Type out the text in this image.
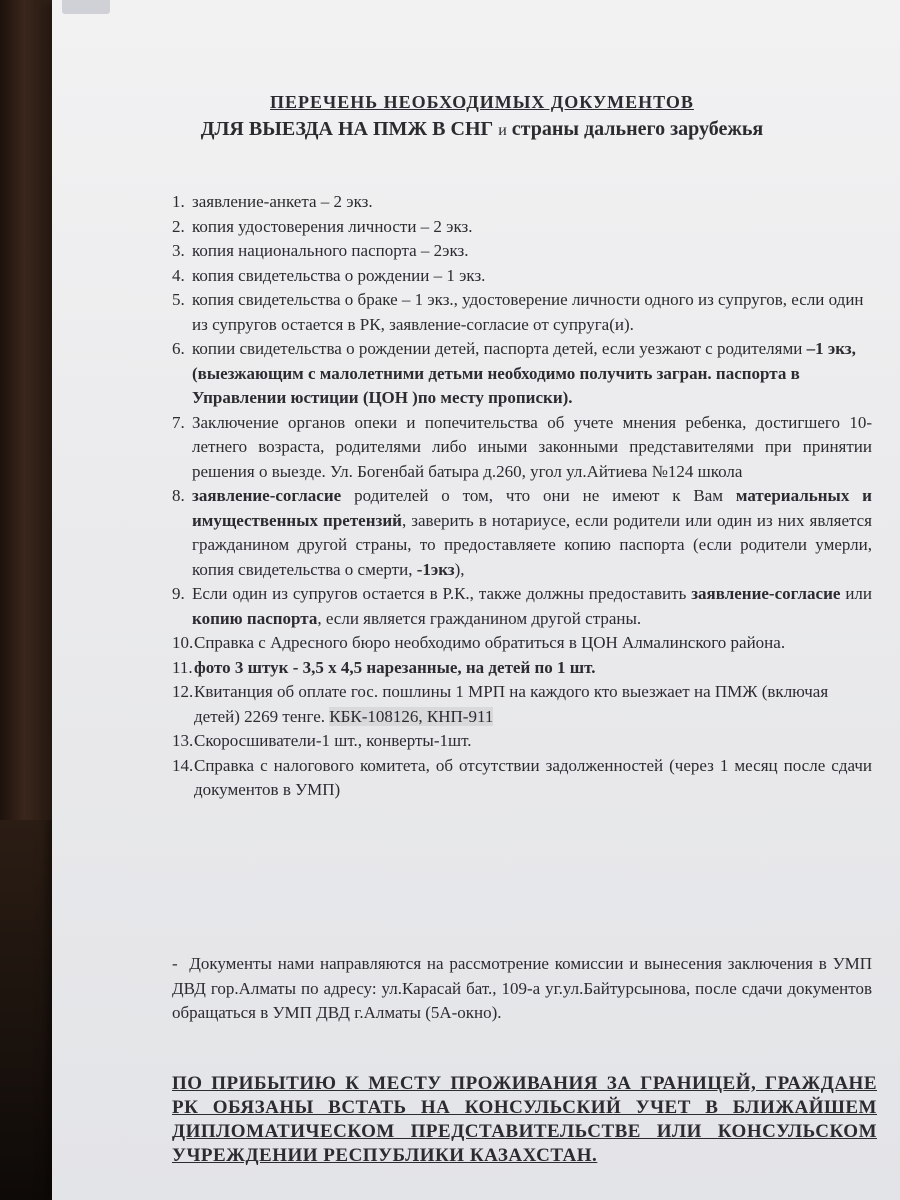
ПЕРЕЧЕНЬ НЕОБХОДИМЫХ ДОКУМЕНТОВ
ДЛЯ ВЫЕЗДА НА ПМЖ В СНГ и страны дальнего зарубежья
1. заявление-анкета – 2 экз.
2. копия удостоверения личности – 2 экз.
3. копия национального паспорта – 2экз.
4. копия свидетельства о рождении – 1 экз.
5. копия свидетельства о браке – 1 экз., удостоверение личности одного из супругов, если один из супругов остается в РК, заявление-согласие от супруга(и).
6. копии свидетельства о рождении детей, паспорта детей, если уезжают с родителями –1 экз, (выезжающим с малолетними детьми необходимо получить загран. паспорта в Управлении юстиции (ЦОН )по месту прописки).
7. Заключение органов опеки и попечительства об учете мнения ребенка, достигшего 10-летнего возраста, родителями либо иными законными представителями при принятии решения о выезде. Ул. Богенбай батыра д.260, угол ул.Айтиева №124 школа
8. заявление-согласие родителей о том, что они не имеют к Вам материальных и имущественных претензий, заверить в нотариусе, если родители или один из них является гражданином другой страны, то предоставляете копию паспорта (если родители умерли, копия свидетельства о смерти, -1экз),
9. Если один из супругов остается в Р.К., также должны предоставить заявление-согласие или копию паспорта, если является гражданином другой страны.
10. Справка с Адресного бюро необходимо обратиться в ЦОН Алмалинского района.
11. фото 3 штук - 3,5 х 4,5 нарезанные, на детей по 1 шт.
12. Квитанция об оплате гос. пошлины 1 МРП на каждого кто выезжает на ПМЖ (включая детей) 2269 тенге. КБК-108126, КНП-911
13. Скоросшиватели-1 шт., конверты-1шт.
14. Справка с налогового комитета, об отсутствии задолженностей (через 1 месяц после сдачи документов в УМП)
- Документы нами направляются на рассмотрение комиссии и вынесения заключения в УМП ДВД гор.Алматы по адресу: ул.Карасай бат., 109-а уг.ул.Байтурсынова, после сдачи документов обращаться в УМП ДВД г.Алматы (5А-окно).
ПО ПРИБЫТИЮ К МЕСТУ ПРОЖИВАНИЯ ЗА ГРАНИЦЕЙ, ГРАЖДАНЕ РК ОБЯЗАНЫ ВСТАТЬ НА КОНСУЛЬСКИЙ УЧЕТ В БЛИЖАЙШЕМ ДИПЛОМАТИЧЕСКОМ ПРЕДСТАВИТЕЛЬСТВЕ ИЛИ КОНСУЛЬСКОМ УЧРЕЖДЕНИИ РЕСПУБЛИКИ КАЗАХСТАН.
